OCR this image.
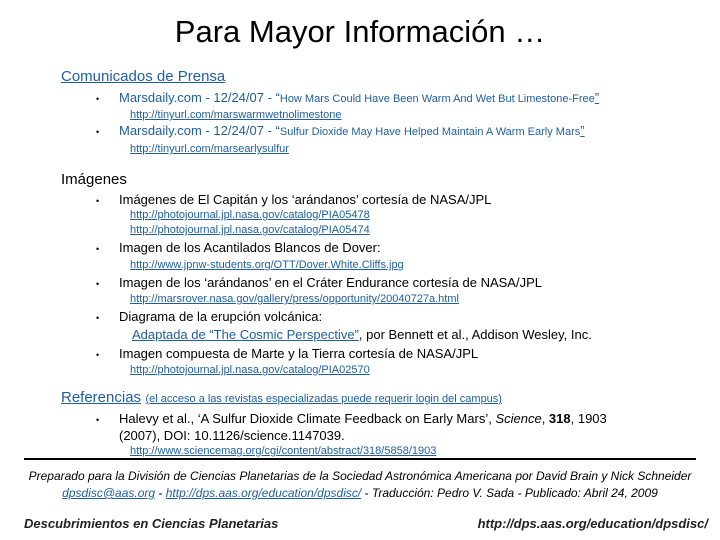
Para Mayor Información …
Comunicados de Prensa
• Marsdaily.com - 12/24/07 - “How Mars Could Have Been Warm And Wet But Limestone-Free”
http://tinyurl.com/marswarmwetnolimestone
• Marsdaily.com - 12/24/07 - “Sulfur Dioxide May Have Helped Maintain A Warm Early Mars”
http://tinyurl.com/marsearlysulfur
Imágenes
• Imágenes de El Capitán y los ‘arándanos’ cortesía de NASA/JPL
http://photojournal.jpl.nasa.gov/catalog/PIA05478
http://photojournal.jpl.nasa.gov/catalog/PIA05474
• Imagen de los Acantilados Blancos de Dover:
http://www.jpnw-students.org/OTT/Dover.White.Cliffs.jpg
• Imagen de los ‘arándanos’ en el Cráter Endurance cortesía de NASA/JPL
http://marsrover.nasa.gov/gallery/press/opportunity/20040727a.html
• Diagrama de la erupción volcánica:
Adaptada de “The Cosmic Perspective”, por Bennett et al., Addison Wesley, Inc.
• Imagen compuesta de Marte y la Tierra cortesía de NASA/JPL
http://photojournal.jpl.nasa.gov/catalog/PIA02570
Referencias (el acceso a las revistas especializadas puede requerir login del campus)
• Halevy et al., ‘A Sulfur Dioxide Climate Feedback on Early Mars’, Science, 318, 1903
(2007), DOI: 10.1126/science.1147039.
http://www.sciencemag.org/cgi/content/abstract/318/5858/1903
Preparado para la División de Ciencias Planetarias de la Sociedad Astronómica Americana por David Brain y Nick Schneider
dpsdisc@aas.org - http://dps.aas.org/education/dpsdisc/ - Traducción: Pedro V. Sada - Publicado: Abril 24, 2009
Descubrimientos en Ciencias Planetarias	http://dps.aas.org/education/dpsdisc/
